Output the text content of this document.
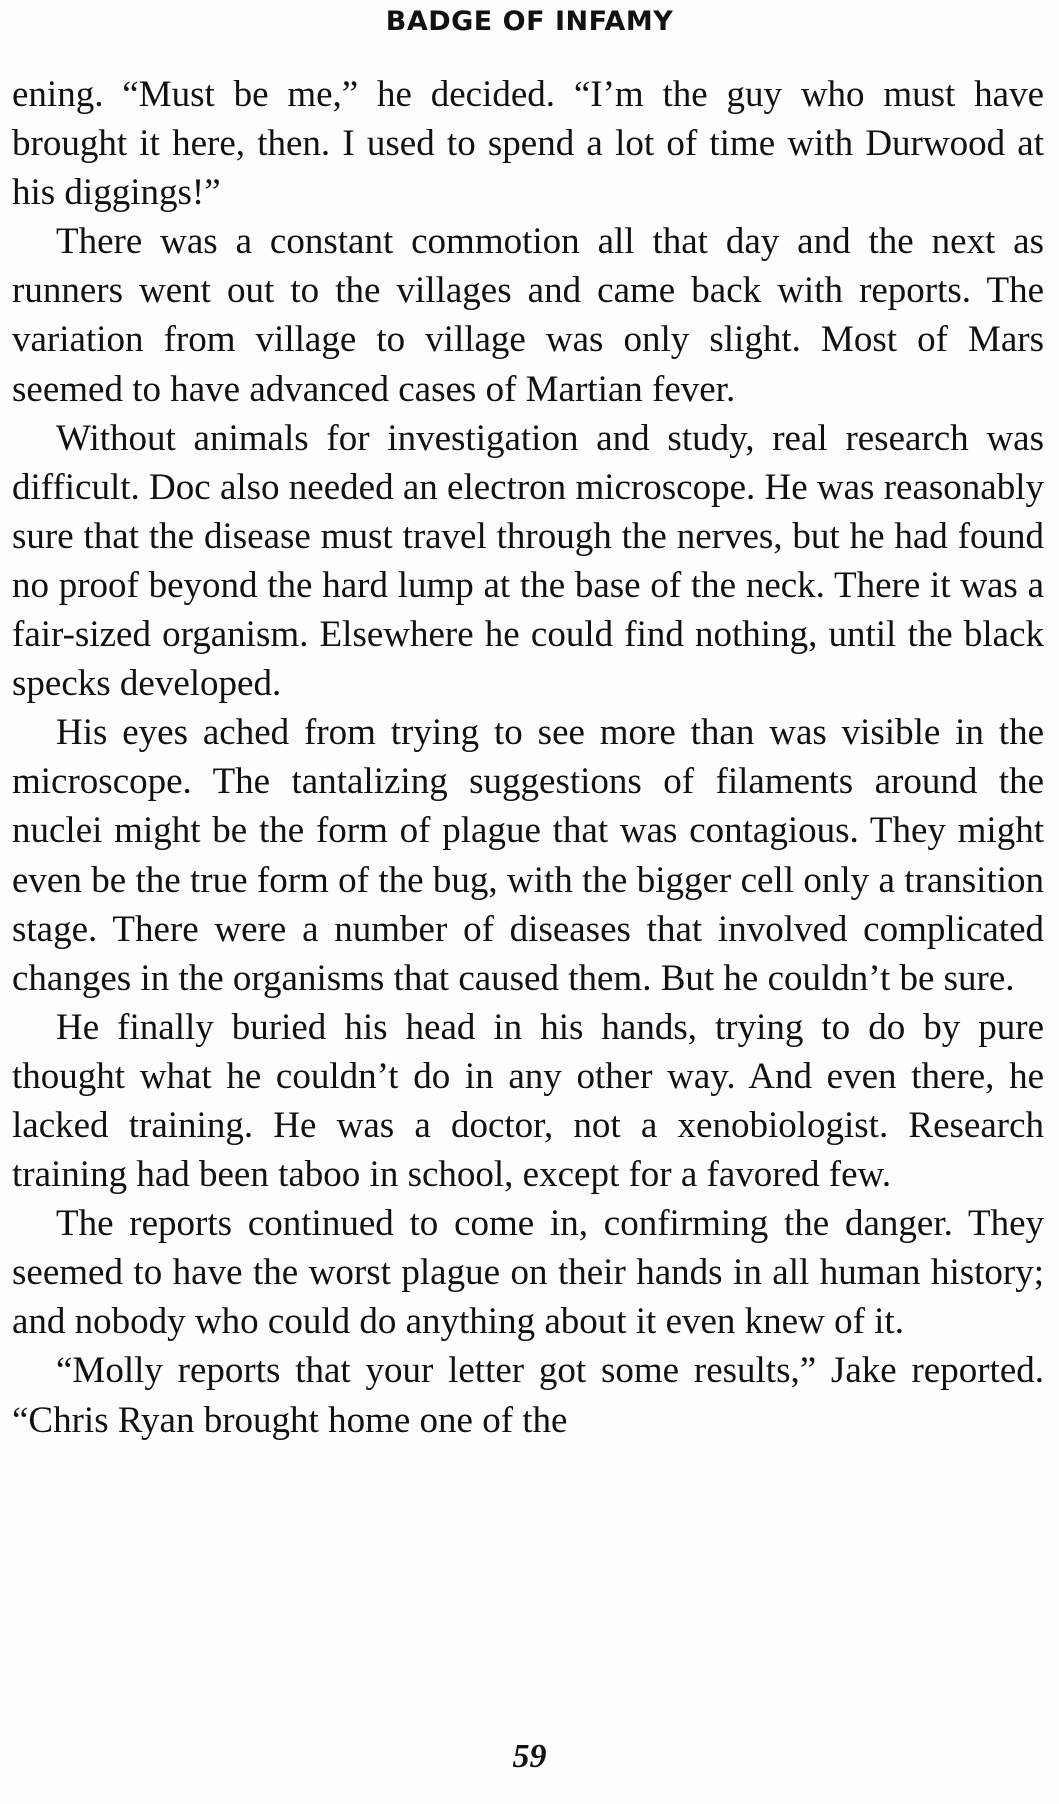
BADGE OF INFAMY

ening. “Must be me,” he decided. “I’m the guy who must have brought it here, then. I used to spend a lot of time with Durwood at his diggings!”

There was a constant commotion all that day and the next as runners went out to the villages and came back with reports. The variation from village to village was only slight. Most of Mars seemed to have advanced cases of Martian fever.

Without animals for investigation and study, real research was difficult. Doc also needed an electron microscope. He was reasonably sure that the disease must travel through the nerves, but he had found no proof beyond the hard lump at the base of the neck. There it was a fair-sized organism. Elsewhere he could find nothing, until the black specks developed.

His eyes ached from trying to see more than was visible in the microscope. The tantalizing suggestions of filaments around the nuclei might be the form of plague that was contagious. They might even be the true form of the bug, with the bigger cell only a transition stage. There were a number of diseases that involved complicated changes in the organisms that caused them. But he couldn’t be sure.

He finally buried his head in his hands, trying to do by pure thought what he couldn’t do in any other way. And even there, he lacked training. He was a doctor, not a xenobiologist. Research training had been taboo in school, except for a favored few.

The reports continued to come in, confirming the danger. They seemed to have the worst plague on their hands in all human history; and nobody who could do anything about it even knew of it.

“Molly reports that your letter got some results,” Jake reported. “Chris Ryan brought home one of the

59
